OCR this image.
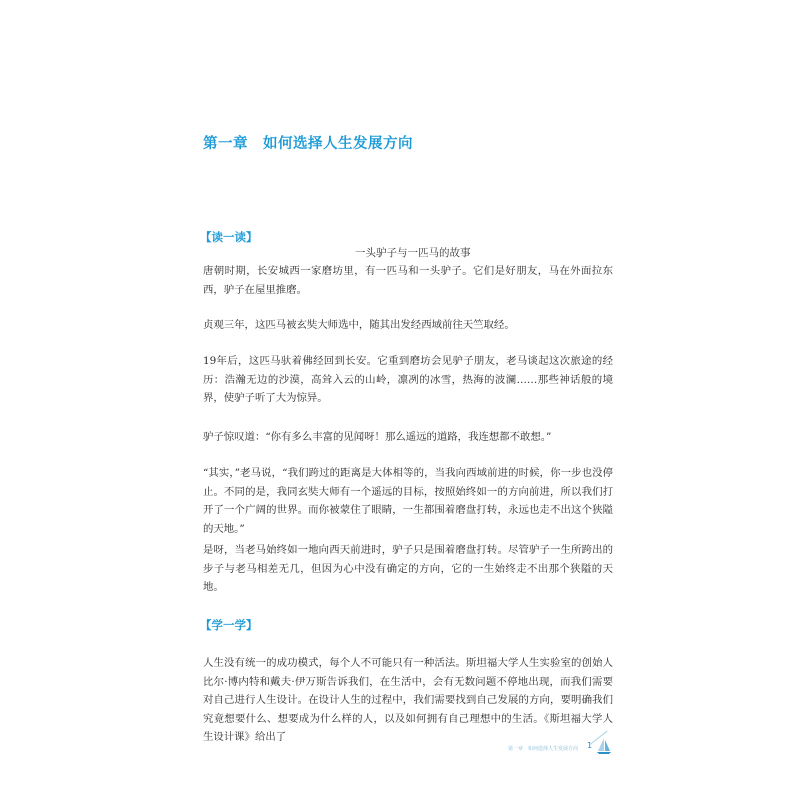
第一章　如何选择人生发展方向
【读一读】
一头驴子与一匹马的故事
唐朝时期，长安城西一家磨坊里，有一匹马和一头驴子。它们是好朋友，马在外面拉东西，驴子在屋里推磨。
贞观三年，这匹马被玄奘大师选中，随其出发经西域前往天竺取经。
19年后，这匹马驮着佛经回到长安。它重到磨坊会见驴子朋友，老马谈起这次旅途的经历：浩瀚无边的沙漠，高耸入云的山岭，凛冽的冰雪，热海的波澜……那些神话般的境界，使驴子听了大为惊异。
驴子惊叹道：“你有多么丰富的见闻呀！那么遥远的道路，我连想都不敢想。”
“其实，”老马说，“我们跨过的距离是大体相等的，当我向西域前进的时候，你一步也没停止。不同的是，我同玄奘大师有一个遥远的目标，按照始终如一的方向前进，所以我们打开了一个广阔的世界。而你被蒙住了眼睛，一生都围着磨盘打转，永远也走不出这个狭隘的天地。”
是呀，当老马始终如一地向西天前进时，驴子只是围着磨盘打转。尽管驴子一生所跨出的步子与老马相差无几，但因为心中没有确定的方向，它的一生始终走不出那个狭隘的天地。
【学一学】
人生没有统一的成功模式，每个人不可能只有一种活法。斯坦福大学人生实验室的创始人比尔·博内特和戴夫·伊万斯告诉我们，在生活中，会有无数问题不停地出现，而我们需要对自己进行人生设计。在设计人生的过程中，我们需要找到自己发展的方向，要明确我们究竟想要什么、想要成为什么样的人，以及如何拥有自己理想中的生活。《斯坦福大学人生设计课》给出了
第一章　如何选择人生发展方向 1
